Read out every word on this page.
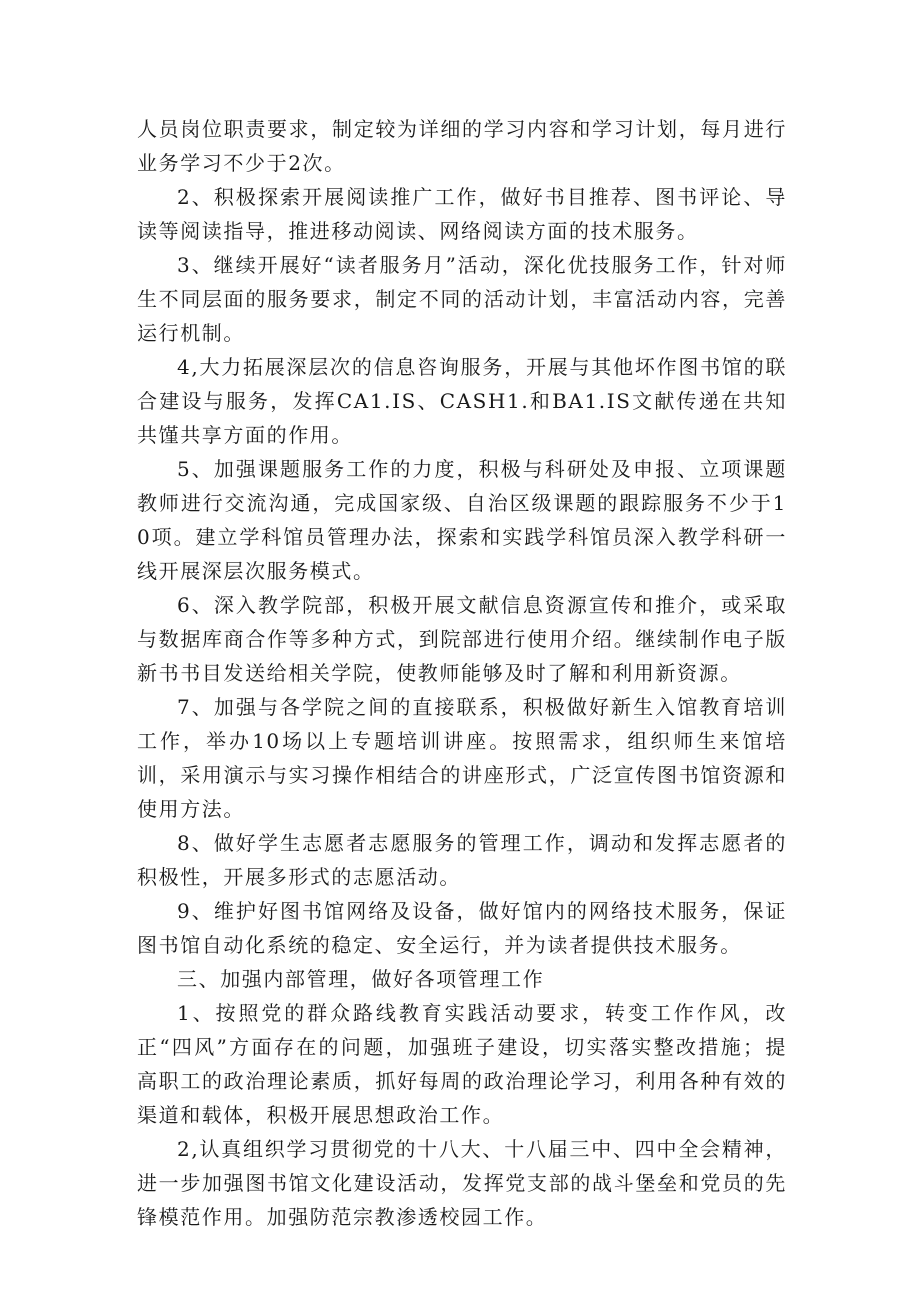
人员岗位职责要求，制定较为详细的学习内容和学习计划，每月进行业务学习不少于2次。

2、积极探索开展阅读推广工作，做好书目推荐、图书评论、导读等阅读指导，推进移动阅读、网络阅读方面的技术服务。

3、继续开展好“读者服务月”活动，深化优技服务工作，针对师生不同层面的服务要求，制定不同的活动计划，丰富活动内容，完善运行机制。

4,大力拓展深层次的信息咨询服务，开展与其他坏作图书馆的联合建设与服务，发挥CA1.IS、CASH1.和BA1.IS文献传递在共知共馑共享方面的作用。

5、加强课题服务工作的力度，积极与科研处及申报、立项课题教师进行交流沟通，完成国家级、自治区级课题的跟踪服务不少于10项。建立学科馆员管理办法，探索和实践学科馆员深入教学科研一线开展深层次服务模式。

6、深入教学院部，积极开展文献信息资源宣传和推介，或采取与数据库商合作等多种方式，到院部进行使用介绍。继续制作电子版新书书目发送给相关学院，使教师能够及时了解和利用新资源。

7、加强与各学院之间的直接联系，积极做好新生入馆教育培训工作，举办10场以上专题培训讲座。按照需求，组织师生来馆培训，采用演示与实习操作相结合的讲座形式，广泛宣传图书馆资源和使用方法。

8、做好学生志愿者志愿服务的管理工作，调动和发挥志愿者的积极性，开展多形式的志愿活动。

9、维护好图书馆网络及设备，做好馆内的网络技术服务，保证图书馆自动化系统的稳定、安全运行，并为读者提供技术服务。

三、加强内部管理，做好各项管理工作

1、按照党的群众路线教育实践活动要求，转变工作作风，改正“四风”方面存在的问题，加强班子建设，切实落实整改措施；提高职工的政治理论素质，抓好每周的政治理论学习，利用各种有效的渠道和载体，积极开展思想政治工作。

2,认真组织学习贯彻党的十八大、十八届三中、四中全会精神，进一步加强图书馆文化建设活动，发挥党支部的战斗堡垒和党员的先锋模范作用。加强防范宗教渗透校园工作。
